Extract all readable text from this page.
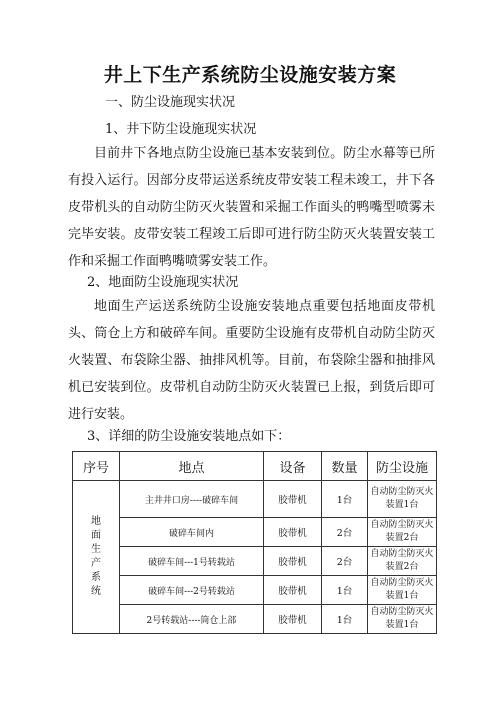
井上下生产系统防尘设施安装方案
一、防尘设施现实状况
1、井下防尘设施现实状况
目前井下各地点防尘设施已基本安装到位。防尘水幕等已所有投入运行。因部分皮带运送系统皮带安装工程未竣工，井下各皮带机头的自动防尘防灭火装置和采掘工作面头的鸭嘴型喷雾未完毕安装。皮带安装工程竣工后即可进行防尘防灭火装置安装工作和采掘工作面鸭嘴喷雾安装工作。
2、地面防尘设施现实状况
地面生产运送系统防尘设施安装地点重要包括地面皮带机头、筒仓上方和破碎车间。重要防尘设施有皮带机自动防尘防灭火装置、布袋除尘器、抽排风机等。目前，布袋除尘器和抽排风机已安装到位。皮带机自动防尘防灭火装置已上报，到货后即可进行安装。
3、详细的防尘设施安装地点如下：
序号	地点	设备	数量	防尘设施
地面生产系统	主井井口房----破碎车间	胶带机	1台	自动防尘防灭火装置1台
	破碎车间内	胶带机	2台	自动防尘防灭火装置2台
	破碎车间---1号转载站	胶带机	2台	自动防尘防灭火装置2台
	破碎车间---2号转载站	胶带机	1台	自动防尘防灭火装置1台
	2号转载站----筒仓上部	胶带机	1台	自动防尘防灭火装置1台
